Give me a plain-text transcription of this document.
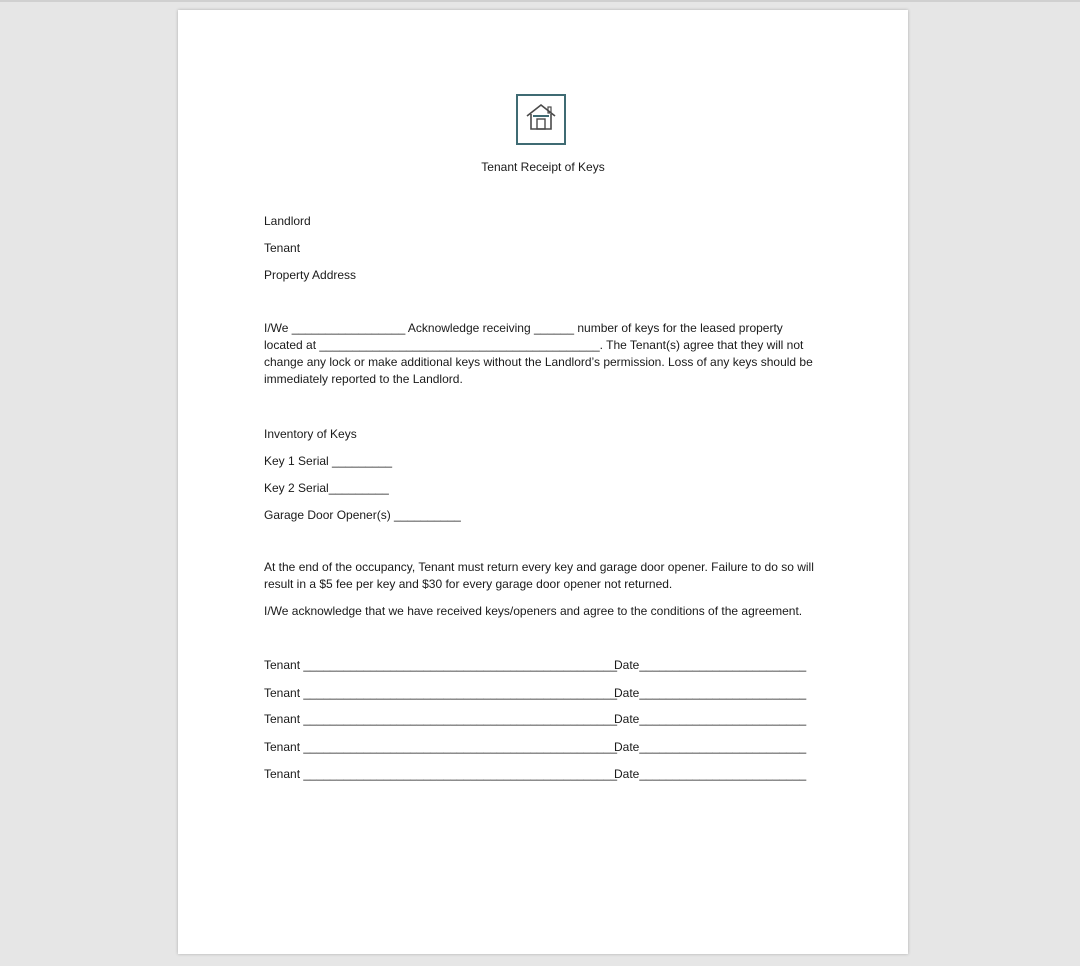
Tenant Receipt of Keys
Landlord
Tenant
Property Address

I/We _________________ Acknowledge receiving ______ number of keys for the leased property

located at __________________________________________. The Tenant(s) agree that they will not

change any lock or make additional keys without the Landlord’s permission. Loss of any keys should be

immediately reported to the Landlord.

Inventory of Keys
Key 1 Serial _________
Key 2 Serial_________
Garage Door Opener(s) __________

At the end of the occupancy, Tenant must return every key and garage door opener. Failure to do so will

result in a $5 fee per key and $30 for every garage door opener not returned.

I/We acknowledge that we have received keys/openers and agree to the conditions of the agreement.
Tenant _______________________________________________
Date_________________________
Tenant _______________________________________________
Date_________________________
Tenant _______________________________________________
Date_________________________
Tenant _______________________________________________
Date_________________________
Tenant _______________________________________________
Date_________________________
